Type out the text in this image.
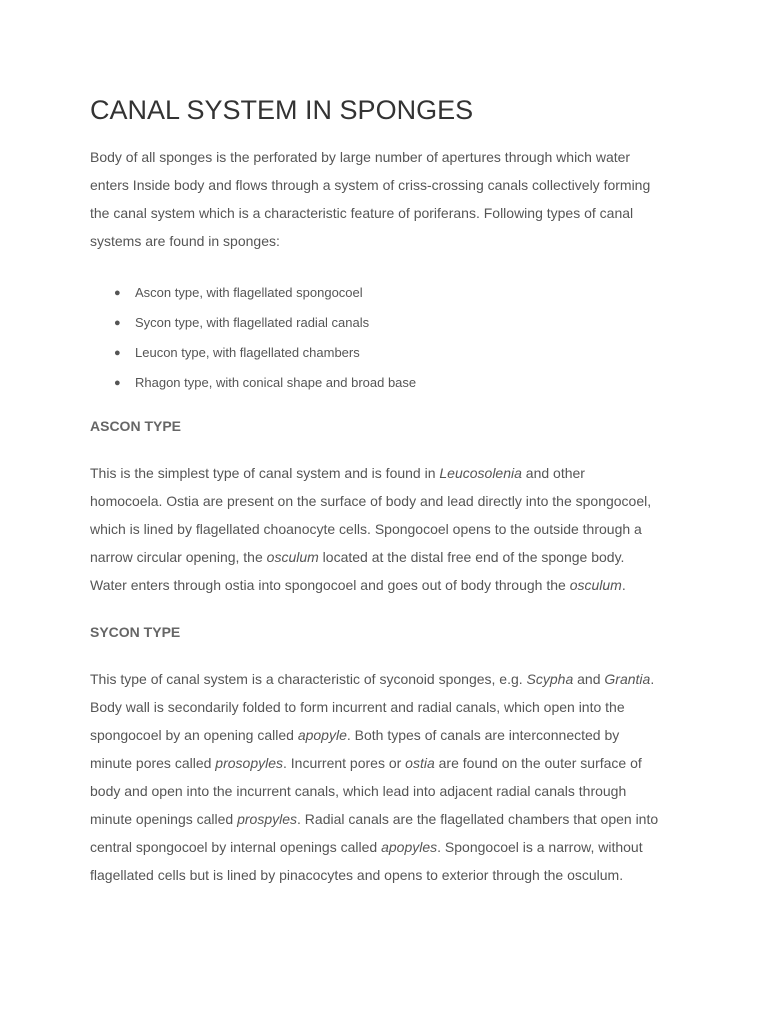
CANAL SYSTEM IN SPONGES

Body of all sponges is the perforated by large number of apertures through which water
enters Inside body and flows through a system of criss-crossing canals collectively forming
the canal system which is a characteristic feature of poriferans. Following types of canal
systems are found in sponges:

● Ascon type, with flagellated spongocoel
● Sycon type, with flagellated radial canals
● Leucon type, with flagellated chambers
● Rhagon type, with conical shape and broad base
ASCON TYPE

This is the simplest type of canal system and is found in Leucosolenia and other
homocoela. Ostia are present on the surface of body and lead directly into the spongocoel,
which is lined by flagellated choanocyte cells. Spongocoel opens to the outside through a
narrow circular opening, the osculum located at the distal free end of the sponge body.
Water enters through ostia into spongocoel and goes out of body through the osculum.

SYCON TYPE

This type of canal system is a characteristic of syconoid sponges, e.g. Scypha and Grantia.
Body wall is secondarily folded to form incurrent and radial canals, which open into the
spongocoel by an opening called apopyle. Both types of canals are interconnected by
minute pores called prosopyles. Incurrent pores or ostia are found on the outer surface of
body and open into the incurrent canals, which lead into adjacent radial canals through
minute openings called prospyles. Radial canals are the flagellated chambers that open into
central spongocoel by internal openings called apopyles. Spongocoel is a narrow, without
flagellated cells but is lined by pinacocytes and opens to exterior through the osculum.
